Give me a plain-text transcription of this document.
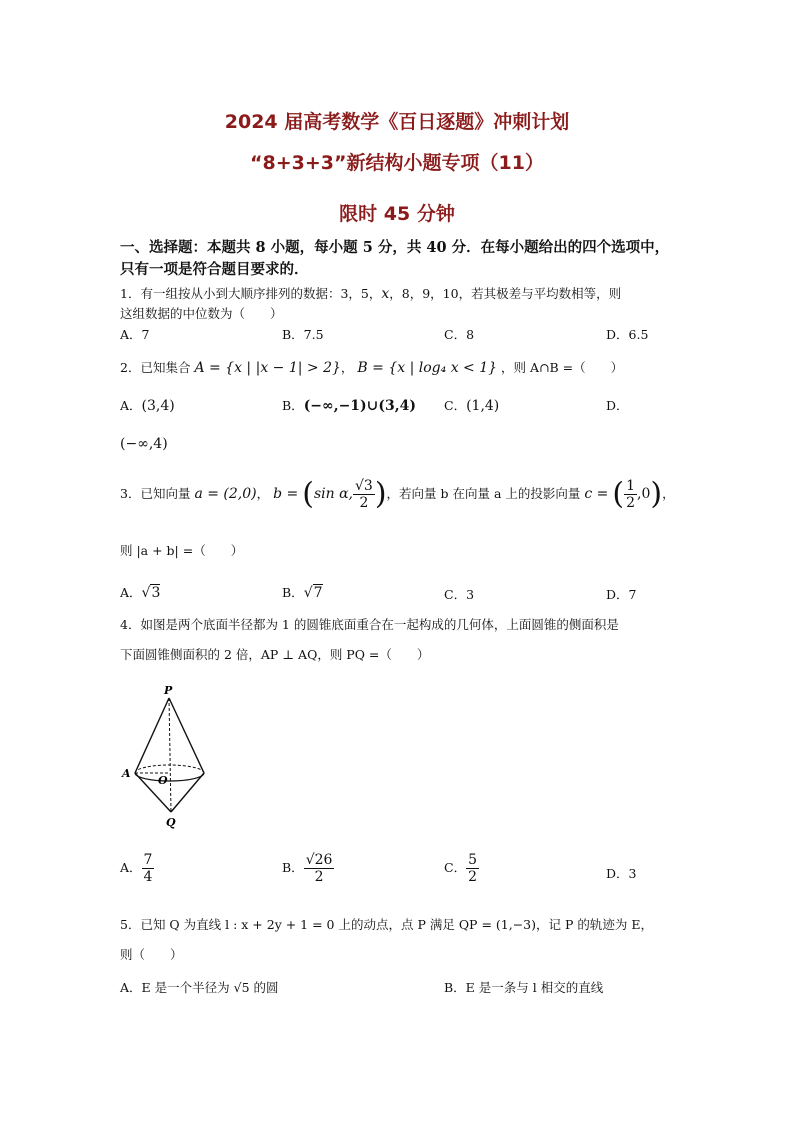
2024 届高考数学《百日逐题》冲刺计划
“8+3+3”新结构小题专项（11）
限时 45 分钟
一、选择题：本题共 8 小题，每小题 5 分，共 40 分．在每小题给出的四个选项中，只有一项是符合题目要求的．
1．有一组按从小到大顺序排列的数据：3，5，x，8，9，10，若其极差与平均数相等，则
这组数据的中位数为（　　）
A．7	B．7.5	C．8	D．6.5
2．已知集合 A = {x | |x − 1| > 2}， B = {x | log₄ x < 1} ，则 A∩B =（　　）
A．(3,4)	B．(−∞,−1)∪(3,4) C．(1,4)	D．
(−∞,4)
3．已知向量 a = (2,0)， b = (sin α, $\frac{√3}{2}$ )，若向量 b 在向量 a 上的投影向量 c = ( $\frac{1}{2} ,0$)，
则 |a + b| =（　　）
A．√3	B．√7	C．3	D．7
4．如图是两个底面半径都为 1 的圆锥底面重合在一起构成的几何体，上面圆锥的侧面积是
下面圆锥侧面积的 2 倍，AP ⊥ AQ，则 PQ =（　　）
P
A
O
Q
A． $\frac{7}{4}$	B． $\frac{√26}{2}$	C． $\frac{5}{2}$	D．3
5．已知 Q 为直线 l : x + 2y + 1 = 0 上的动点，点 P 满足 QP = (1,−3)，记 P 的轨迹为 E，
则（　　）
A．E 是一个半径为 √5 的圆	B．E 是一条与 l 相交的直线
